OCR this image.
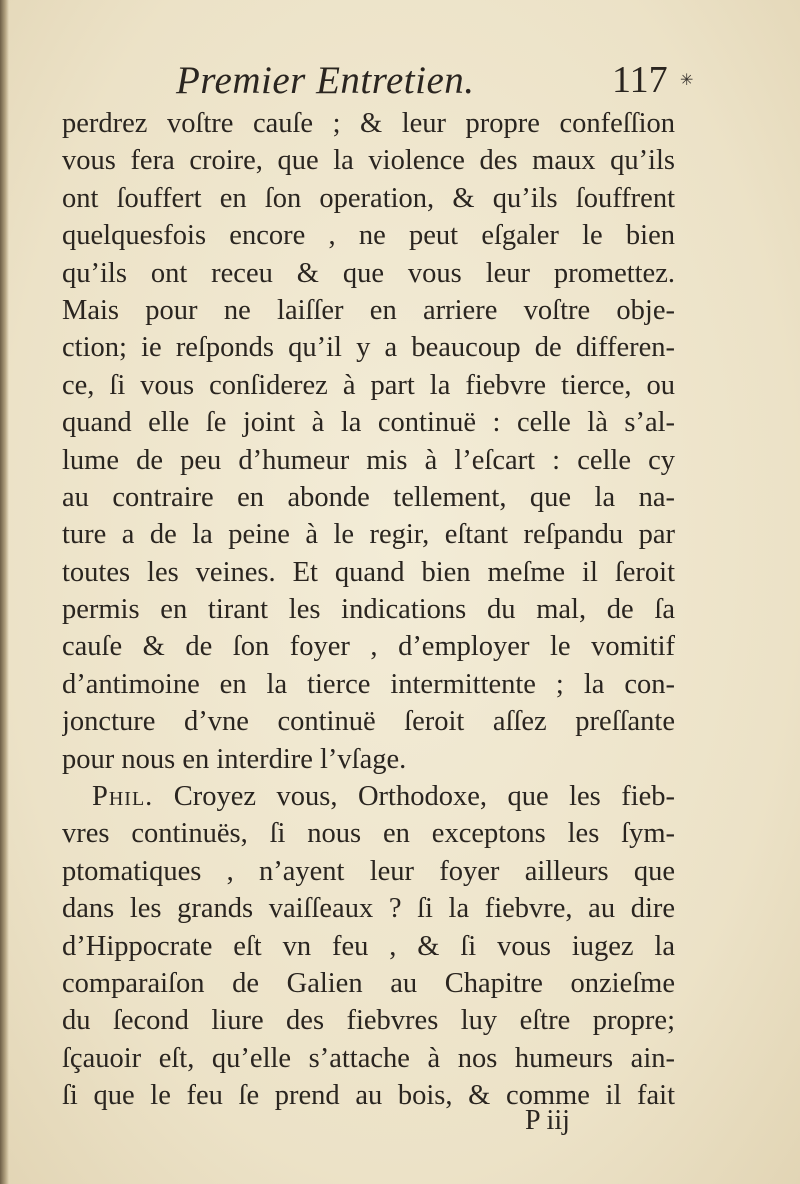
Premier Entretien.	117 ✳
perdrez voſtre cauſe ; & leur propre confeſſion
vous fera croire, que la violence des maux qu’ils
ont ſouffert en ſon operation, & qu’ils ſouffrent
quelquesfois encore , ne peut eſgaler le bien
qu’ils ont receu & que vous leur promettez.
Mais pour ne laiſſer en arriere voſtre obje-
ction; ie reſponds qu’il y a beaucoup de differen-
ce, ſi vous conſiderez à part la fiebvre tierce, ou
quand elle ſe joint à la continuë : celle là s’al-
lume de peu d’humeur mis à l’eſcart : celle cy
au contraire en abonde tellement, que la na-
ture a de la peine à le regir, eſtant reſpandu par
toutes les veines. Et quand bien meſme il ſeroit
permis en tirant les indications du mal, de ſa
cauſe & de ſon foyer , d’employer le vomitif
d’antimoine en la tierce intermittente ; la con-
joncture d’vne continuë ſeroit aſſez preſſante
pour nous en interdire l’vſage.
Phil. Croyez vous, Orthodoxe, que les fieb-
vres continuës, ſi nous en exceptons les ſym-
ptomatiques , n’ayent leur foyer ailleurs que
dans les grands vaiſſeaux ? ſi la fiebvre, au dire
d’Hippocrate eſt vn feu , & ſi vous iugez la
comparaiſon de Galien au Chapitre onzieſme
du ſecond liure des fiebvres luy eſtre propre;
ſçauoir eſt, qu’elle s’attache à nos humeurs ain-
ſi que le feu ſe prend au bois, & comme il fait
P iij
